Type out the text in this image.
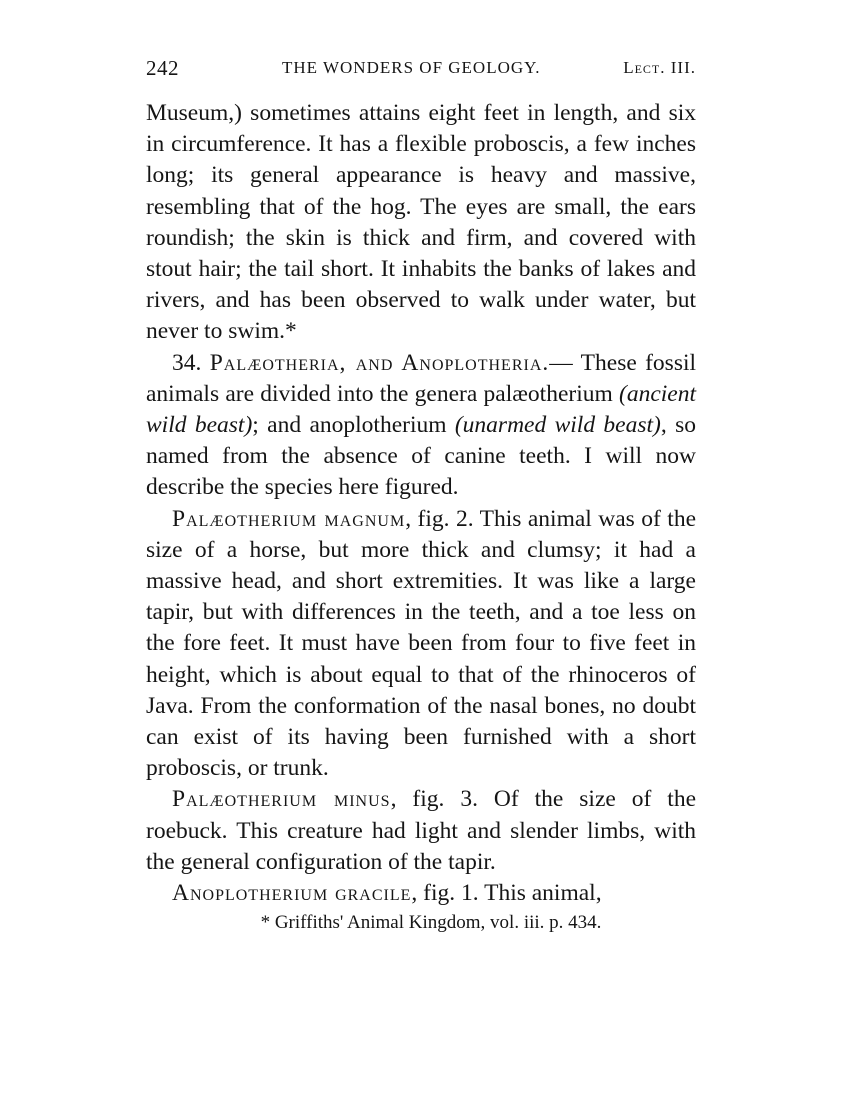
242	THE WONDERS OF GEOLOGY.	Lect. III.

Museum,) sometimes attains eight feet in length, and six in circumference. It has a flexible proboscis, a few inches long; its general appearance is heavy and massive, resembling that of the hog. The eyes are small, the ears roundish; the skin is thick and firm, and covered with stout hair; the tail short. It inhabits the banks of lakes and rivers, and has been observed to walk under water, but never to swim.*

34. Palæotheria, and Anoplotheria.— These fossil animals are divided into the genera palæotherium (ancient wild beast); and anoplotherium (unarmed wild beast), so named from the absence of canine teeth. I will now describe the species here figured.

Palæotherium magnum, fig. 2. This animal was of the size of a horse, but more thick and clumsy; it had a massive head, and short extremities. It was like a large tapir, but with differences in the teeth, and a toe less on the fore feet. It must have been from four to five feet in height, which is about equal to that of the rhinoceros of Java. From the conformation of the nasal bones, no doubt can exist of its having been furnished with a short proboscis, or trunk.

Palæotherium minus, fig. 3. Of the size of the roebuck. This creature had light and slender limbs, with the general configuration of the tapir.

Anoplotherium gracile, fig. 1. This animal,

* Griffiths' Animal Kingdom, vol. iii. p. 434.
